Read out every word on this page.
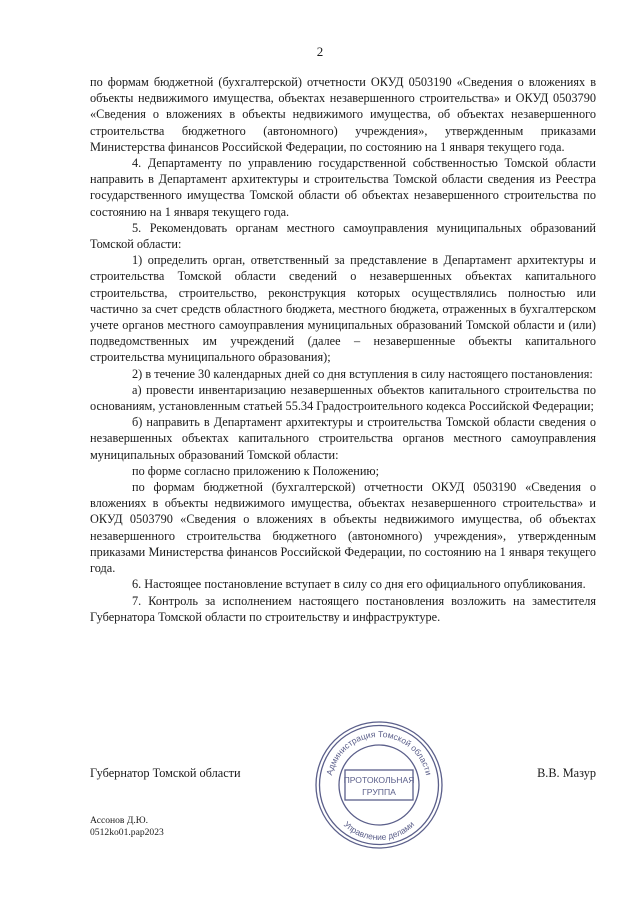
2

по формам бюджетной (бухгалтерской) отчетности ОКУД 0503190 «Сведения о вложениях в объекты недвижимого имущества, объектах незавершенного строительства» и ОКУД 0503790 «Сведения о вложениях в объекты недвижимого имущества, об объектах незавершенного строительства бюджетного (автономного) учреждения», утвержденным приказами Министерства финансов Российской Федерации, по состоянию на 1 января текущего года.

4. Департаменту по управлению государственной собственностью Томской области направить в Департамент архитектуры и строительства Томской области сведения из Реестра государственного имущества Томской области об объектах незавершенного строительства по состоянию на 1 января текущего года.

5. Рекомендовать органам местного самоуправления муниципальных образований Томской области:

1) определить орган, ответственный за представление в Департамент архитектуры и строительства Томской области сведений о незавершенных объектах капитального строительства, строительство, реконструкция которых осуществлялись полностью или частично за счет средств областного бюджета, местного бюджета, отраженных в бухгалтерском учете органов местного самоуправления муниципальных образований Томской области и (или) подведомственных им учреждений (далее – незавершенные объекты капитального строительства муниципального образования);

2) в течение 30 календарных дней со дня вступления в силу настоящего постановления:

а) провести инвентаризацию незавершенных объектов капитального строительства по основаниям, установленным статьей 55.34 Градостроительного кодекса Российской Федерации;

б) направить в Департамент архитектуры и строительства Томской области сведения о незавершенных объектах капитального строительства органов местного самоуправления муниципальных образований Томской области:

по форме согласно приложению к Положению;

по формам бюджетной (бухгалтерской) отчетности ОКУД 0503190 «Сведения о вложениях в объекты недвижимого имущества, объектах незавершенного строительства» и ОКУД 0503790 «Сведения о вложениях в объекты недвижимого имущества, об объектах незавершенного строительства бюджетного (автономного) учреждения», утвержденным приказами Министерства финансов Российской Федерации, по состоянию на 1 января текущего года.

6. Настоящее постановление вступает в силу со дня его официального опубликования.

7. Контроль за исполнением настоящего постановления возложить на заместителя Губернатора Томской области по строительству и инфраструктуре.

Губернатор Томской области	В.В. Мазур
Администрация Томской области
Управление делами
ПРОТОКОЛЬНАЯ
ГРУППА
Ассонов Д.Ю.
0512ko01.pap2023
